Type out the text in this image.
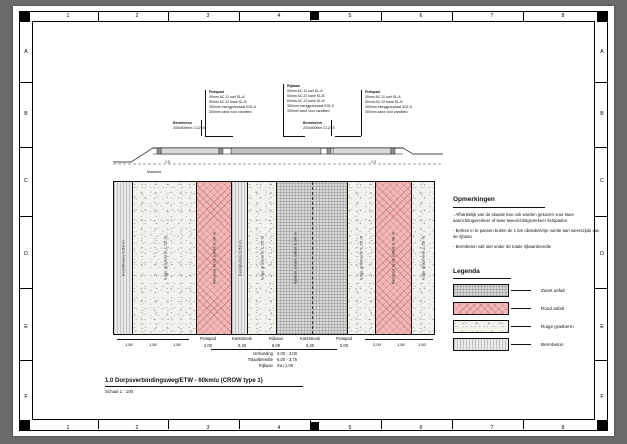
1	2	3	4	5	6	7	8
1	2	3	4	5	6	7	8
A
B
C
D
E
F
A
B
C
D
E
F
Fietspad
30mm AC 11 surf SL-A
50mm AC 22 base SL-B
300mm menggranulaat 0/31.5
300mm zand voor zandbed
Rijbaan
40mm AC 11 surf SL-A
60mm AC 22 base SL-B
60mm AC 22 base SL-B
350mm menggranulaat 0/31.5
300mm zand voor zandbed
Fietspad
30mm AC 11 surf SL-A
50mm AC 22 base SL-B
300mm menggranulaat 0/31.5
300mm zand voor zandbed
Bermbeton
200x500mm C12/15
Bermbeton
200x500mm C12/15
Maaiveld
1:3	1:3
bermbeton 0,50 m	ruige grasberm 1,50 m	fietspad rood asfalt 2,00 m	bermbeton 0,50 m	ruige grasberm 1,50 m	rijbaan zwart asfalt 6,00 m	ruige grasberm 1,50 m	fietspad rood asfalt 2,00 m	ruige grasberm 1,50 m
1,50	1,50	1,50	2,00	1,50	1,50
Fietspad
2,00
Kantstrook
0,30
Rijbaan
6,00
Kantstrook
0,30
Fietspad
2,00
Verharding 4,00 - 3,00
Totaalbreedte 6,00 - 3,75
Rijbaan min 1,00
Opmerkingen

- Afhankelijk van de situatie kan ook worden gekozen voor twee aanrichtingsverkeer of twee tweerichtingsverkeer fietspaden

- Berken in te passen buiten de 1,5m obstakelvrije ruimte aan weerszijde van de rijbaan

- Bermbeton valt niet onder de totale rijbaanbreedte

Legenda
Zwart asfalt
Rood asfalt
Ruige grasberm
Bermbeton
1.0 Dorpsverbindingsweg/ETW - 60km/u (CROW type 1)
Schaal 1 : 100
